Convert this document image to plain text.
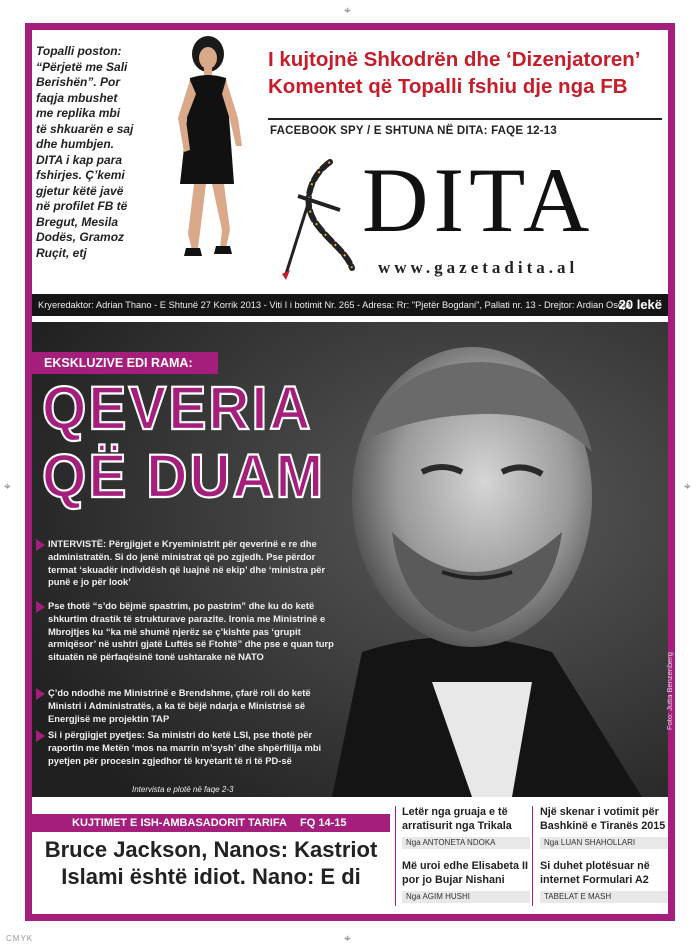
⌖
⌖	⌖
⌖
CMYK
Topalli poston:
“Përjetë me Sali
Berishën”. Por
faqja mbushet
me replika mbi
të shkuarën e saj
dhe humbjen.
DITA i kap para
fshirjes. Ç’kemi
gjetur këtë javë
në profilet FB të
Bregut, Mesila
Dodës, Gramoz
Ruçit, etj
I kujtojnë Shkodrën dhe ‘Dizenjatoren’
Komentet që Topalli fshiu dje nga FB
FACEBOOK SPY / E SHTUNA NË DITA: FAQE 12-13
DITA
www.gazetadita.al
Kryeredaktor: Adrian Thano - E Shtunë 27 Korrik 2013 - Viti I i botimit Nr. 265 - Adresa: Rr: "Pjetër Bogdani", Pallati nr. 13 - Drejtor: Ardian Osoja
20 lekë
EKSKLUZIVE EDI RAMA:
QEVERIA
QË DUAM
INTERVISTË: Përgjigjet e Kryeministrit për qeverinë e re dhe administratën. Si do jenë ministrat që po zgjedh. Pse përdor termat ‘skuadër individësh që luajnë në ekip’ dhe ‘ministra për punë e jo për look’
Pse thotë “s’do bëjmë spastrim, po pastrim” dhe ku do ketë shkurtim drastik të strukturave parazite. Ironia me Ministrinë e Mbrojtjes ku “ka më shumë njerëz se ç’kishte pas ‘grupit armiqësor’ në ushtri gjatë Luftës së Ftohtë” dhe pse e quan turp situatën në përfaqësinë tonë ushtarake në NATO
Ç’do ndodhë me Ministrinë e Brendshme, çfarë roli do ketë Ministri i Administratës, a ka të bëjë ndarja e Ministrisë së Energjisë me projektin TAP
Si i përgjigjet pyetjes: Sa ministri do ketë LSI, pse thotë për raportin me Metën ‘mos na marrin m’sysh’ dhe shpërfillja mbi pyetjen për procesin zgjedhor të kryetarit të ri të PD-së
Intervista e plotë në faqe 2-3
Foto: Jutta Benzenberg
KUJTIMET E ISH-AMBASADORIT TARIFA FQ 14-15
Bruce Jackson, Nanos: Kastriot
Islami është idiot. Nano: E di
Letër nga gruaja e të arratisurit nga Trikala
Nga ANTONETA NDOKA
Më uroi edhe Elisabeta II por jo Bujar Nishani
Nga AGIM HUSHI
Një skenar i votimit për Bashkinë e Tiranës 2015
Nga LUAN SHAHOLLARI
Si duhet plotësuar në internet Formulari A2
TABELAT E MASH
